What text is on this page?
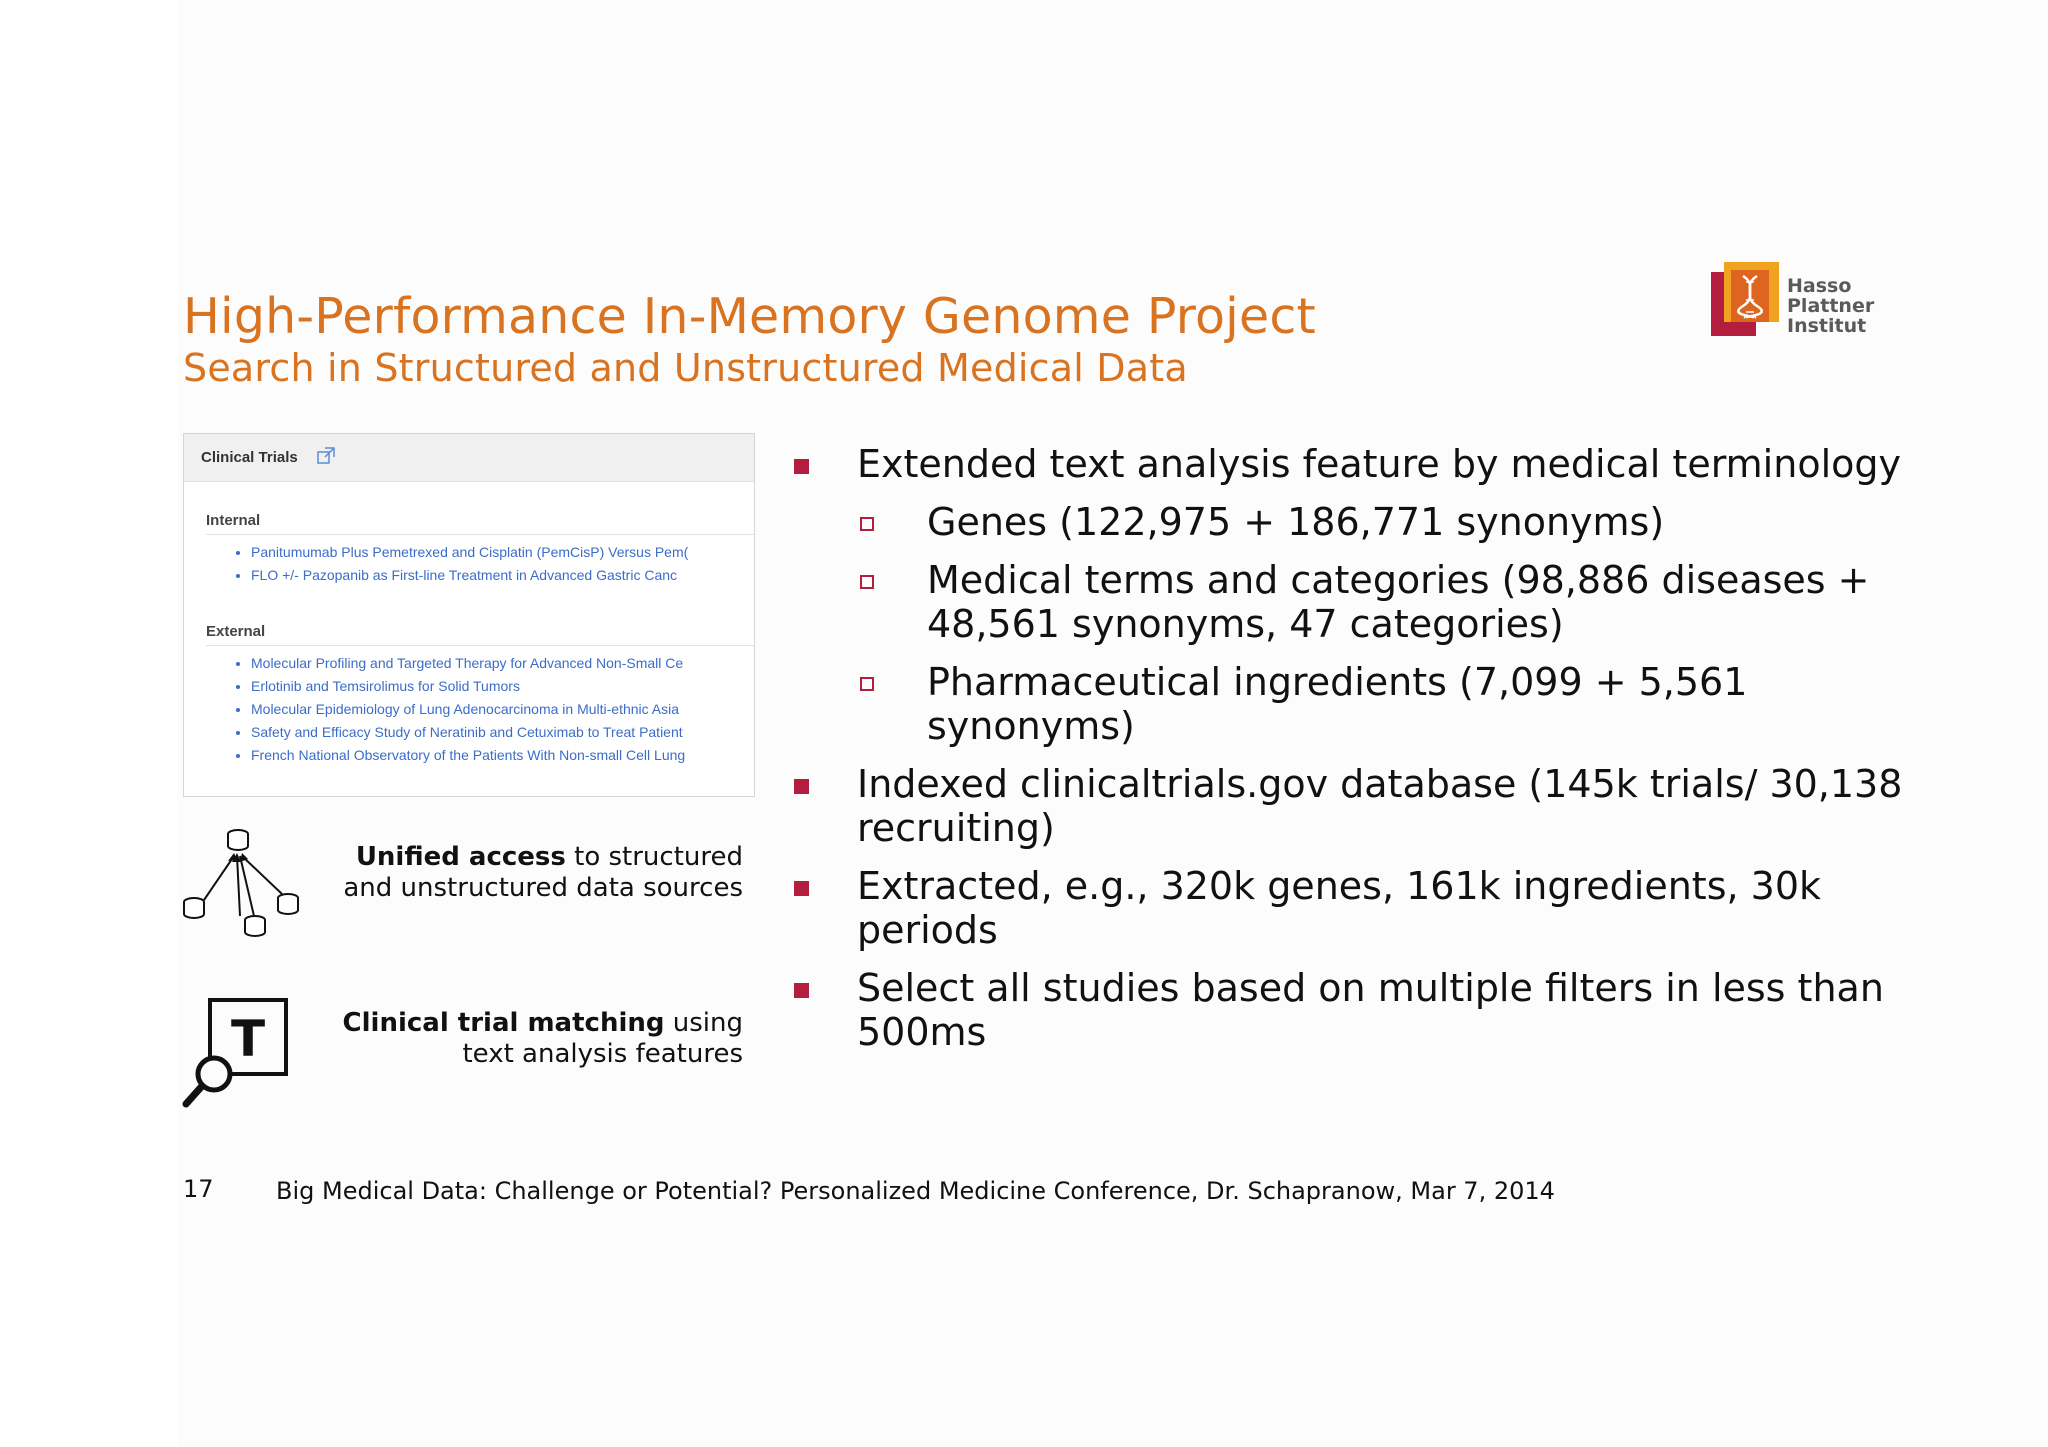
High-Performance In-Memory Genome Project
Search in Structured and Unstructured Medical Data
Hasso
Plattner
Institut
Clinical Trials
Internal
• Panitumumab Plus Pemetrexed and Cisplatin (PemCisP) Versus Pem(
• FLO +/- Pazopanib as First-line Treatment in Advanced Gastric Canc
External
• Molecular Profiling and Targeted Therapy for Advanced Non-Small Ce
• Erlotinib and Temsirolimus for Solid Tumors
• Molecular Epidemiology of Lung Adenocarcinoma in Multi-ethnic Asia
• Safety and Efficacy Study of Neratinib and Cetuximab to Treat Patient
• French National Observatory of the Patients With Non-small Cell Lung
Unified access to structured
and unstructured data sources
T	Clinical trial matching using
text analysis features
Extended text analysis feature by medical terminology
Genes (122,975 + 186,771 synonyms)
Medical terms and categories (98,886 diseases + 48,561 synonyms, 47 categories)
Pharmaceutical ingredients (7,099 + 5,561 synonyms)
Indexed clinicaltrials.gov database (145k trials/ 30,138 recruiting)
Extracted, e.g., 320k genes, 161k ingredients, 30k periods
Select all studies based on multiple filters in less than 500ms
17	Big Medical Data: Challenge or Potential? Personalized Medicine Conference, Dr. Schapranow, Mar 7, 2014
